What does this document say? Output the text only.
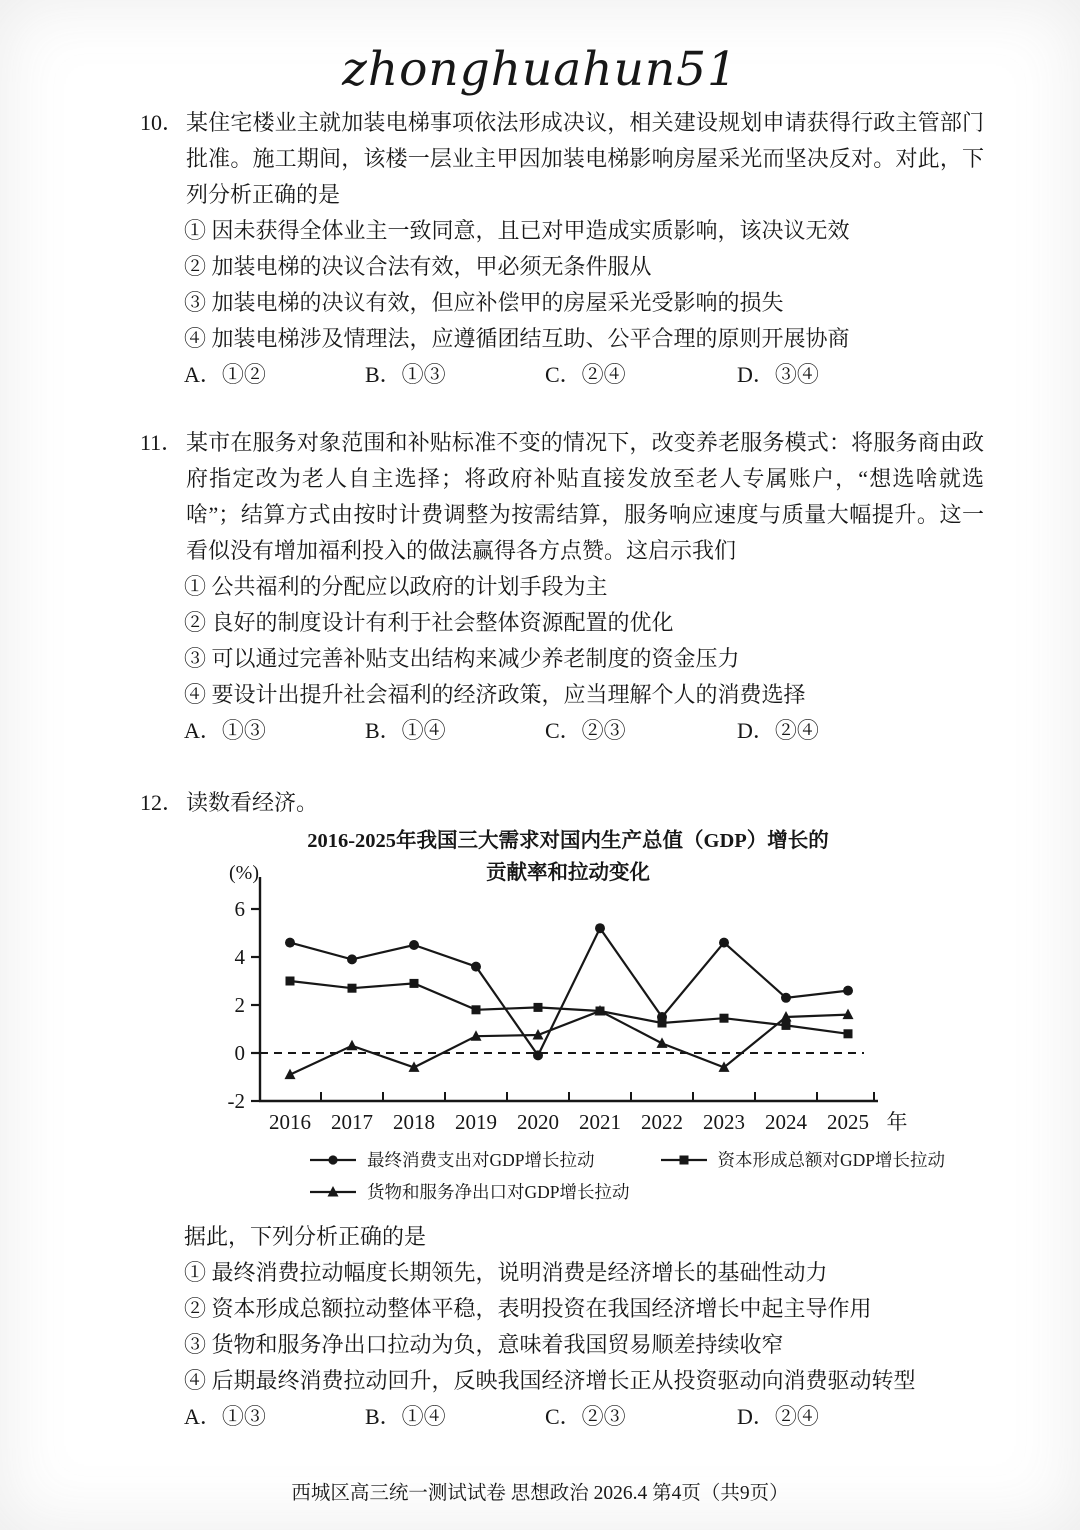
zhonghuahun51
10． 某住宅楼业主就加装电梯事项依法形成决议，相关建设规划申请获得行政主管部门批准。施工期间，该楼一层业主甲因加装电梯影响房屋采光而坚决反对。对此，下列分析正确的是
① 因未获得全体业主一致同意，且已对甲造成实质影响，该决议无效
② 加装电梯的决议合法有效，甲必须无条件服从
③ 加装电梯的决议有效，但应补偿甲的房屋采光受影响的损失
④ 加装电梯涉及情理法，应遵循团结互助、公平合理的原则开展协商
A．①②	B．①③	C．②④	D．③④
11． 某市在服务对象范围和补贴标准不变的情况下，改变养老服务模式：将服务商由政府指定改为老人自主选择；将政府补贴直接发放至老人专属账户，“想选啥就选啥”；结算方式由按时计费调整为按需结算，服务响应速度与质量大幅提升。这一看似没有增加福利投入的做法赢得各方点赞。这启示我们
① 公共福利的分配应以政府的计划手段为主
② 良好的制度设计有利于社会整体资源配置的优化
③ 可以通过完善补贴支出结构来减少养老制度的资金压力
④ 要设计出提升社会福利的经济政策，应当理解个人的消费选择
A．①③	B．①④	C．②③	D．②④
12． 读数看经济。
2016-2025年我国三大需求对国内生产总值（GDP）增长的
贡献率和拉动变化
-2
0
2
4
6
(%)
2016 2017 2018 2019 2020 2021 2022 2023 2024 2025 年
最终消费支出对GDP增长拉动	资本形成总额对GDP增长拉动
货物和服务净出口对GDP增长拉动
据此，下列分析正确的是
① 最终消费拉动幅度长期领先，说明消费是经济增长的基础性动力
② 资本形成总额拉动整体平稳，表明投资在我国经济增长中起主导作用
③ 货物和服务净出口拉动为负，意味着我国贸易顺差持续收窄
④ 后期最终消费拉动回升，反映我国经济增长正从投资驱动向消费驱动转型
A．①③	B．①④	C．②③	D．②④
西城区高三统一测试试卷 思想政治 2026.4 第4页（共9页）
